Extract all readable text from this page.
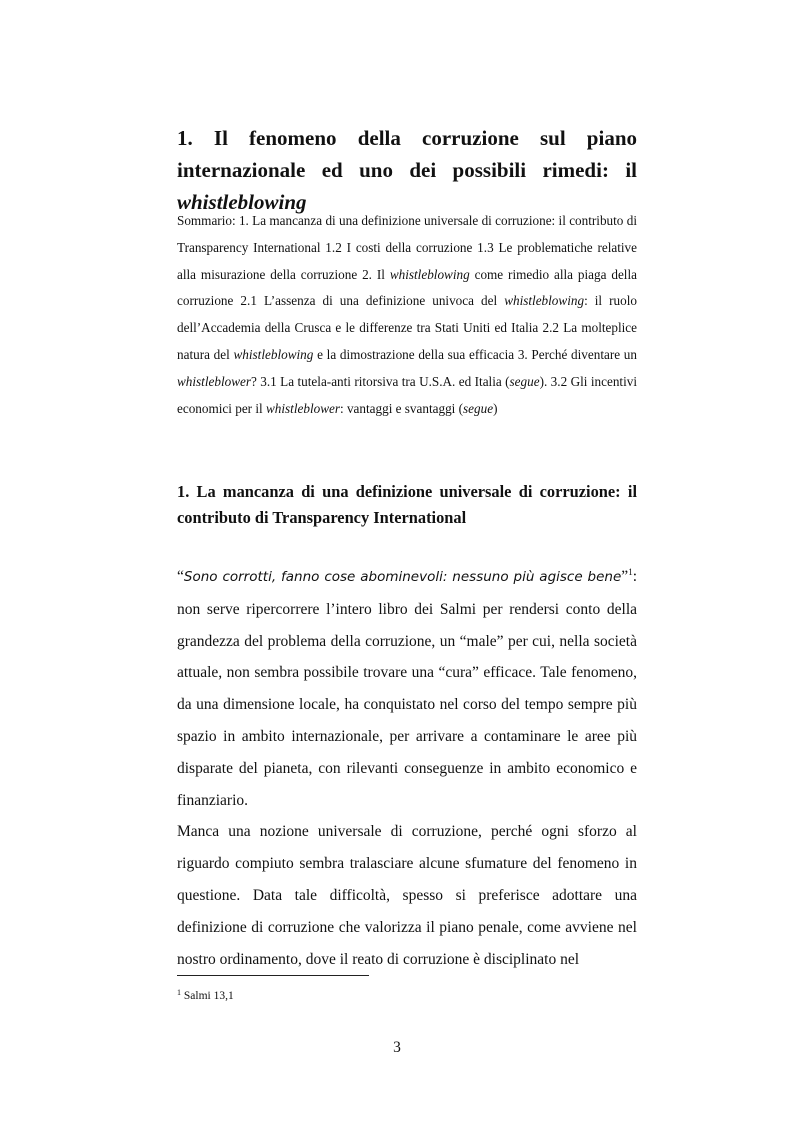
1. Il fenomeno della corruzione sul piano internazionale ed uno dei possibili rimedi: il whistleblowing

Sommario: 1. La mancanza di una definizione universale di corruzione: il contributo di Transparency International 1.2 I costi della corruzione 1.3 Le problematiche relative alla misurazione della corruzione 2. Il whistleblowing come rimedio alla piaga della corruzione 2.1 L’assenza di una definizione univoca del whistleblowing: il ruolo dell’Accademia della Crusca e le differenze tra Stati Uniti ed Italia 2.2 La molteplice natura del whistleblowing e la dimostrazione della sua efficacia 3. Perché diventare un whistleblower? 3.1 La tutela-anti ritorsiva tra U.S.A. ed Italia (segue). 3.2 Gli incentivi economici per il whistleblower: vantaggi e svantaggi (segue)

1. La mancanza di una definizione universale di corruzione: il contributo di Transparency International

“Sono corrotti, fanno cose abominevoli: nessuno più agisce bene”$^1$: non serve ripercorrere l’intero libro dei Salmi per rendersi conto della grandezza del problema della corruzione, un “male” per cui, nella società attuale, non sembra possibile trovare una “cura” efficace. Tale fenomeno, da una dimensione locale, ha conquistato nel corso del tempo sempre più spazio in ambito internazionale, per arrivare a contaminare le aree più disparate del pianeta, con rilevanti conseguenze in ambito economico e finanziario.

Manca una nozione universale di corruzione, perché ogni sforzo al riguardo compiuto sembra tralasciare alcune sfumature del fenomeno in questione. Data tale difficoltà, spesso si preferisce adottare una definizione di corruzione che valorizza il piano penale, come avviene nel nostro ordinamento, dove il reato di corruzione è disciplinato nel

$^1$ Salmi 13,1

3
